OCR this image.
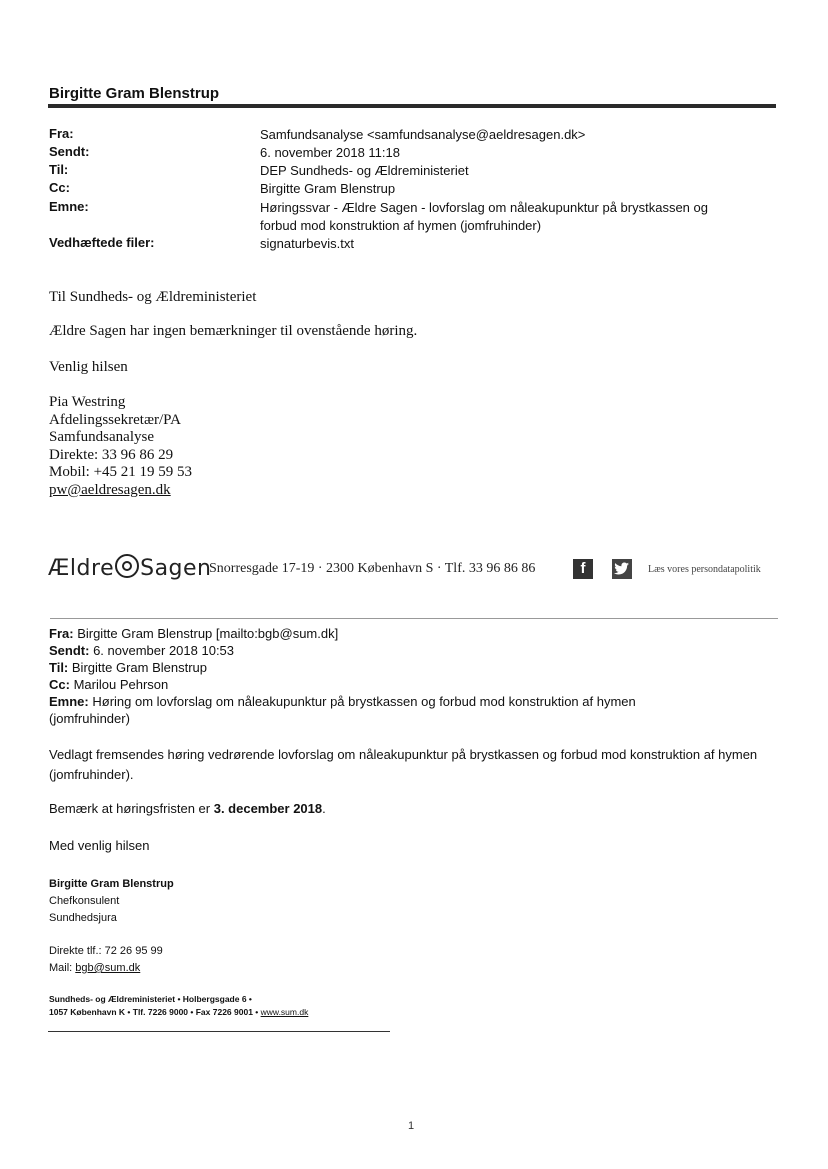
Birgitte Gram Blenstrup
Fra:	Samfundsanalyse <samfundsanalyse@aeldresagen.dk>
Sendt:	6. november 2018 11:18
Til:	DEP Sundheds- og Ældreministeriet
Cc:	Birgitte Gram Blenstrup
Emne:	Høringssvar - Ældre Sagen - lovforslag om nåleakupunktur på brystkassen og forbud mod konstruktion af hymen (jomfruhinder)
Vedhæftede filer:	signaturbevis.txt
Til Sundheds- og Ældreministeriet
Ældre Sagen har ingen bemærkninger til ovenstående høring.
Venlig hilsen
Pia Westring
Afdelingssekretær/PA
Samfundsanalyse
Direkte: 33 96 86 29
Mobil: +45 21 19 59 53
pw@aeldresagen.dk
Ældre Sagen
Snorresgade 17-19 · 2300 København S · Tlf. 33 96 86 86	f	Læs vores persondatapolitik
Fra: Birgitte Gram Blenstrup [mailto:bgb@sum.dk]
Sendt: 6. november 2018 10:53
Til: Birgitte Gram Blenstrup
Cc: Marilou Pehrson
Emne: Høring om lovforslag om nåleakupunktur på brystkassen og forbud mod konstruktion af hymen (jomfruhinder)
Vedlagt fremsendes høring vedrørende lovforslag om nåleakupunktur på brystkassen og forbud mod konstruktion af hymen (jomfruhinder).
Bemærk at høringsfristen er 3. december 2018.
Med venlig hilsen
Birgitte Gram Blenstrup
Chefkonsulent
Sundhedsjura
Direkte tlf.: 72 26 95 99
Mail: bgb@sum.dk
Sundheds- og Ældreministeriet • Holbergsgade 6 •
1057 København K • Tlf. 7226 9000 • Fax 7226 9001 • www.sum.dk
1
